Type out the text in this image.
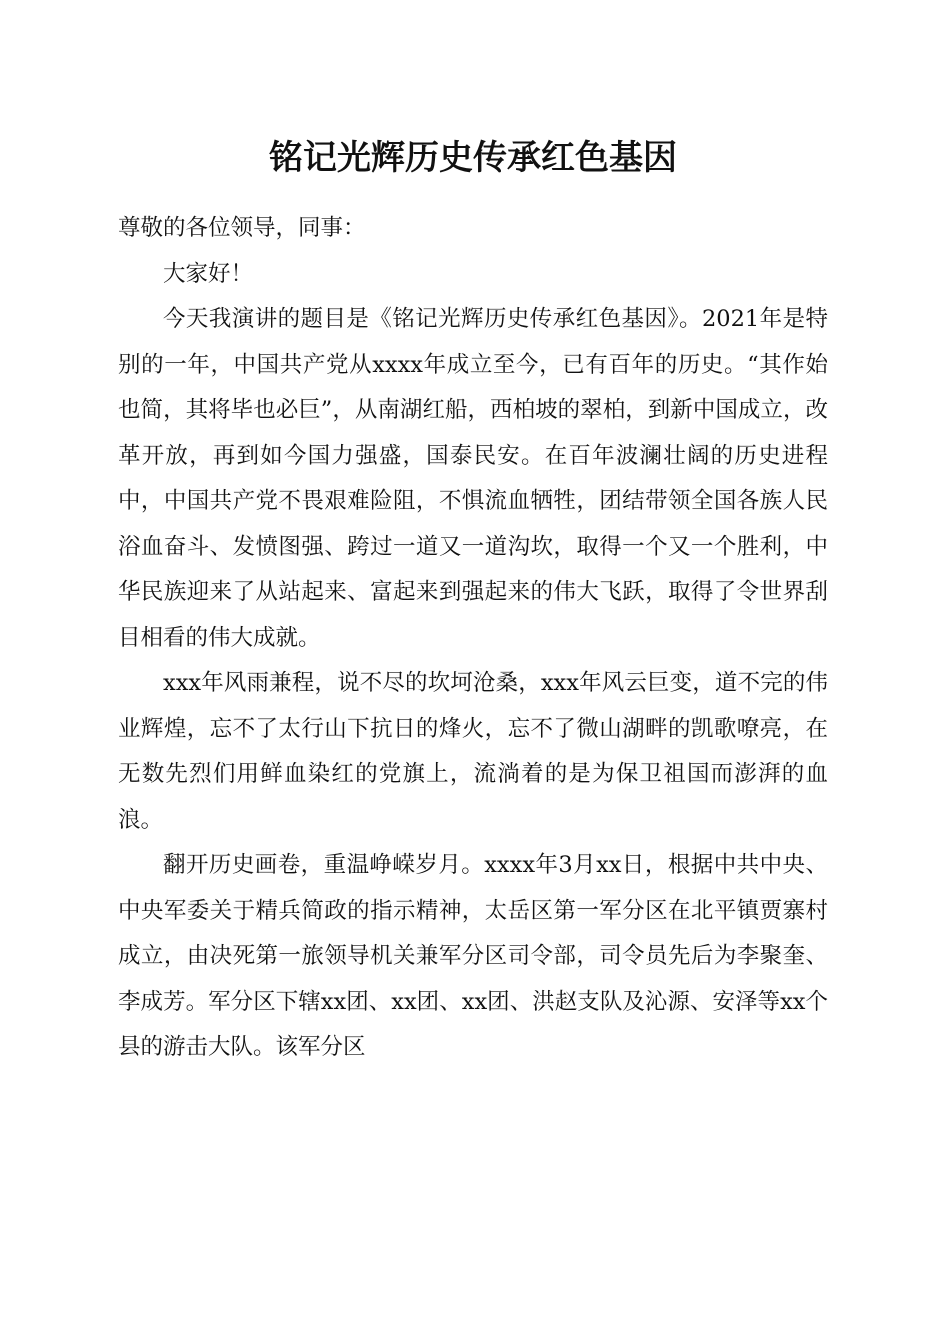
铭记光辉历史传承红色基因

尊敬的各位领导，同事：

大家好！

今天我演讲的题目是《铭记光辉历史传承红色基因》。2021年是特别的一年，中国共产党从xxxx年成立至今，已有百年的历史。“其作始也简，其将毕也必巨”，从南湖红船，西柏坡的翠柏，到新中国成立，改革开放，再到如今国力强盛，国泰民安。在百年波澜壮阔的历史进程中，中国共产党不畏艰难险阻，不惧流血牺牲，团结带领全国各族人民浴血奋斗、发愤图强、跨过一道又一道沟坎，取得一个又一个胜利，中华民族迎来了从站起来、富起来到强起来的伟大飞跃，取得了令世界刮目相看的伟大成就。

xxx年风雨兼程，说不尽的坎坷沧桑，xxx年风云巨变，道不完的伟业辉煌，忘不了太行山下抗日的烽火，忘不了微山湖畔的凯歌嘹亮，在无数先烈们用鲜血染红的党旗上，流淌着的是为保卫祖国而澎湃的血浪。

翻开历史画卷，重温峥嵘岁月。xxxx年3月xx日，根据中共中央、中央军委关于精兵简政的指示精神，太岳区第一军分区在北平镇贾寨村成立，由决死第一旅领导机关兼军分区司令部，司令员先后为李聚奎、李成芳。军分区下辖xx团、xx团、xx团、洪赵支队及沁源、安泽等xx个县的游击大队。该军分区
